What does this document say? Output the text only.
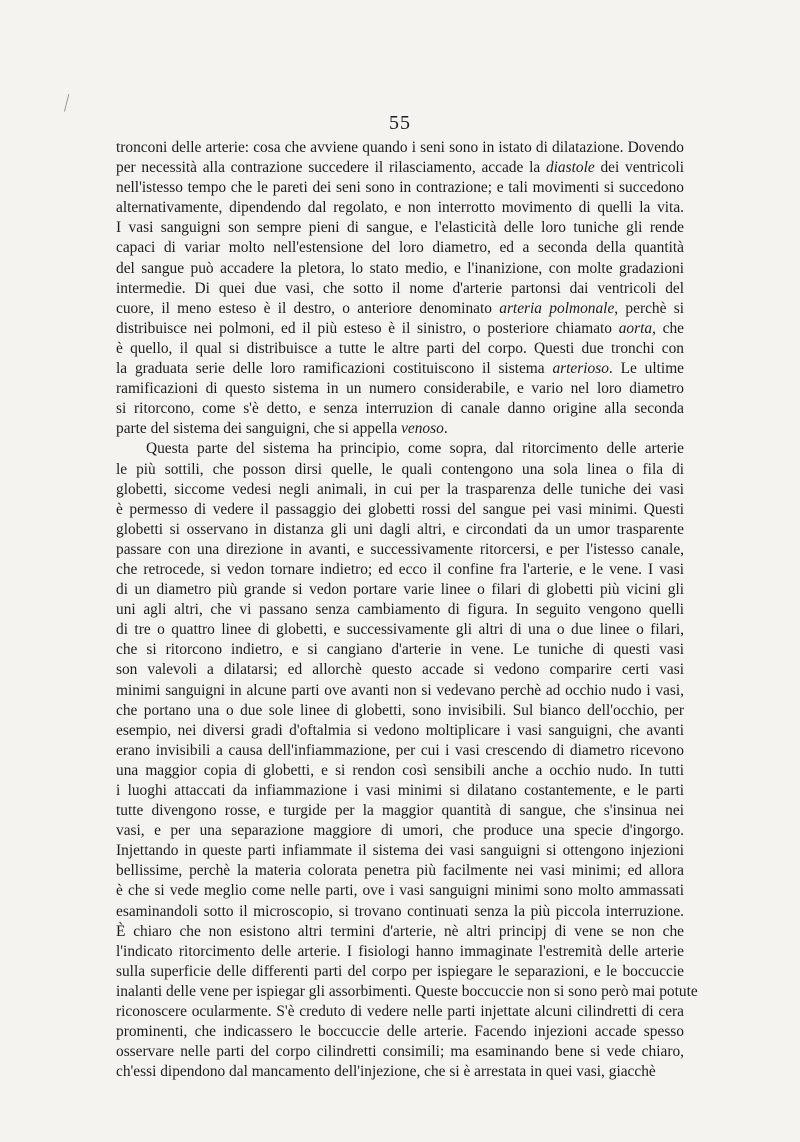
55
tronconi delle arterie: cosa che avviene quando i seni sono in istato di dilatazione. Dovendo
per necessità alla contrazione succedere il rilasciamento, accade la diastole dei ventricoli
nell'istesso tempo che le pareti dei seni sono in contrazione; e tali movimenti si succedono
alternativamente, dipendendo dal regolato, e non interrotto movimento di quelli la vita.
I vasi sanguigni son sempre pieni di sangue, e l'elasticità delle loro tuniche gli rende
capaci di variar molto nell'estensione del loro diametro, ed a seconda della quantità
del sangue può accadere la pletora, lo stato medio, e l'inanizione, con molte gradazioni
intermedie. Di quei due vasi, che sotto il nome d'arterie partonsi dai ventricoli del
cuore, il meno esteso è il destro, o anteriore denominato arteria polmonale, perchè si
distribuisce nei polmoni, ed il più esteso è il sinistro, o posteriore chiamato aorta, che
è quello, il qual si distribuisce a tutte le altre parti del corpo. Questi due tronchi con
la graduata serie delle loro ramificazioni costituiscono il sistema arterioso. Le ultime
ramificazioni di questo sistema in un numero considerabile, e vario nel loro diametro
si ritorcono, come s'è detto, e senza interruzion di canale danno origine alla seconda
parte del sistema dei sanguigni, che si appella venoso.
Questa parte del sistema ha principio, come sopra, dal ritorcimento delle arterie
le più sottili, che posson dirsi quelle, le quali contengono una sola linea o fila di
globetti, siccome vedesi negli animali, in cui per la trasparenza delle tuniche dei vasi
è permesso di vedere il passaggio dei globetti rossi del sangue pei vasi minimi. Questi
globetti si osservano in distanza gli uni dagli altri, e circondati da un umor trasparente
passare con una direzione in avanti, e successivamente ritorcersi, e per l'istesso canale,
che retrocede, si vedon tornare indietro; ed ecco il confine fra l'arterie, e le vene. I vasi
di un diametro più grande si vedon portare varie linee o filari di globetti più vicini gli
uni agli altri, che vi passano senza cambiamento di figura. In seguito vengono quelli
di tre o quattro linee di globetti, e successivamente gli altri di una o due linee o filari,
che si ritorcono indietro, e si cangiano d'arterie in vene. Le tuniche di questi vasi
son valevoli a dilatarsi; ed allorchè questo accade si vedono comparire certi vasi
minimi sanguigni in alcune parti ove avanti non si vedevano perchè ad occhio nudo i vasi,
che portano una o due sole linee di globetti, sono invisibili. Sul bianco dell'occhio, per
esempio, nei diversi gradi d'oftalmia si vedono moltiplicare i vasi sanguigni, che avanti
erano invisibili a causa dell'infiammazione, per cui i vasi crescendo di diametro ricevono
una maggior copia di globetti, e si rendon così sensibili anche a occhio nudo. In tutti
i luoghi attaccati da infiammazione i vasi minimi si dilatano costantemente, e le parti
tutte divengono rosse, e turgide per la maggior quantità di sangue, che s'insinua nei
vasi, e per una separazione maggiore di umori, che produce una specie d'ingorgo.
Injettando in queste parti infiammate il sistema dei vasi sanguigni si ottengono injezioni
bellissime, perchè la materia colorata penetra più facilmente nei vasi minimi; ed allora
è che si vede meglio come nelle parti, ove i vasi sanguigni minimi sono molto ammassati
esaminandoli sotto il microscopio, si trovano continuati senza la più piccola interruzione.
È chiaro che non esistono altri termini d'arterie, nè altri principj di vene se non che
l'indicato ritorcimento delle arterie. I fisiologi hanno immaginate l'estremità delle arterie
sulla superficie delle differenti parti del corpo per ispiegare le separazioni, e le boccuccie
inalanti delle vene per ispiegar gli assorbimenti. Queste boccuccie non si sono però mai potute
riconoscere ocularmente. S'è creduto di vedere nelle parti injettate alcuni cilindretti di cera
prominenti, che indicassero le boccuccie delle arterie. Facendo injezioni accade spesso
osservare nelle parti del corpo cilindretti consimili; ma esaminando bene si vede chiaro,
ch'essi dipendono dal mancamento dell'injezione, che si è arrestata in quei vasi, giacchè
